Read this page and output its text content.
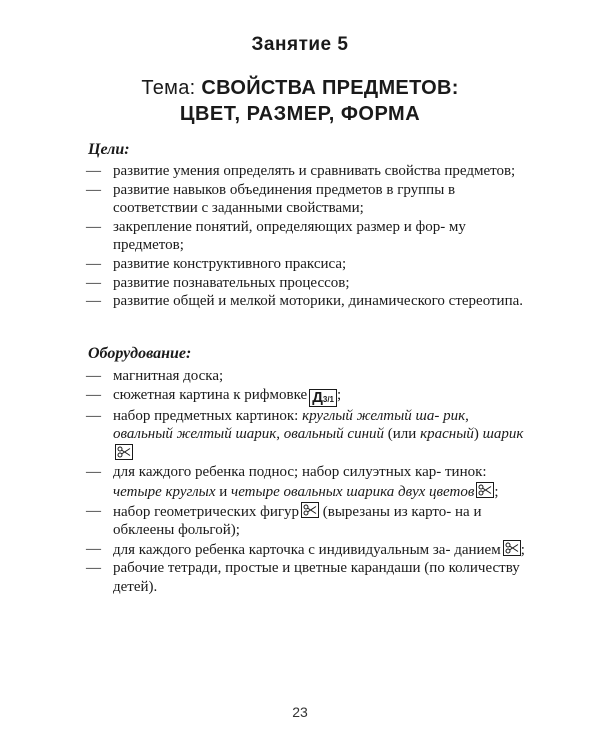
Занятие 5
Тема: СВОЙСТВА ПРЕДМЕТОВ:
ЦВЕТ, РАЗМЕР, ФОРМА
Цели:
— развитие умения определять и сравнивать свойства предметов;
— развитие навыков объединения предметов в группы в соответствии с заданными свойствами;
— закрепление понятий, определяющих размер и фор- му предметов;
— развитие конструктивного праксиса;
— развитие познавательных процессов;
— развитие общей и мелкой моторики, динамического стереотипа.
Оборудование:
— магнитная доска;
— сюжетная картина к рифмовке Д3/1 ;
— набор предметных картинок: круглый желтый ша- рик, овальный желтый шарик, овальный синий (или красный) шарик
— для каждого ребенка поднос; набор силуэтных кар- тинок: четыре круглых и четыре овальных шарика двух цветов ;
— набор геометрических фигур
(вырезаны из карто- на и обклеены фольгой);
— для каждого ребенка карточка с индивидуальным за- данием ;
— рабочие тетради, простые и цветные карандаши (по количеству детей).
23
